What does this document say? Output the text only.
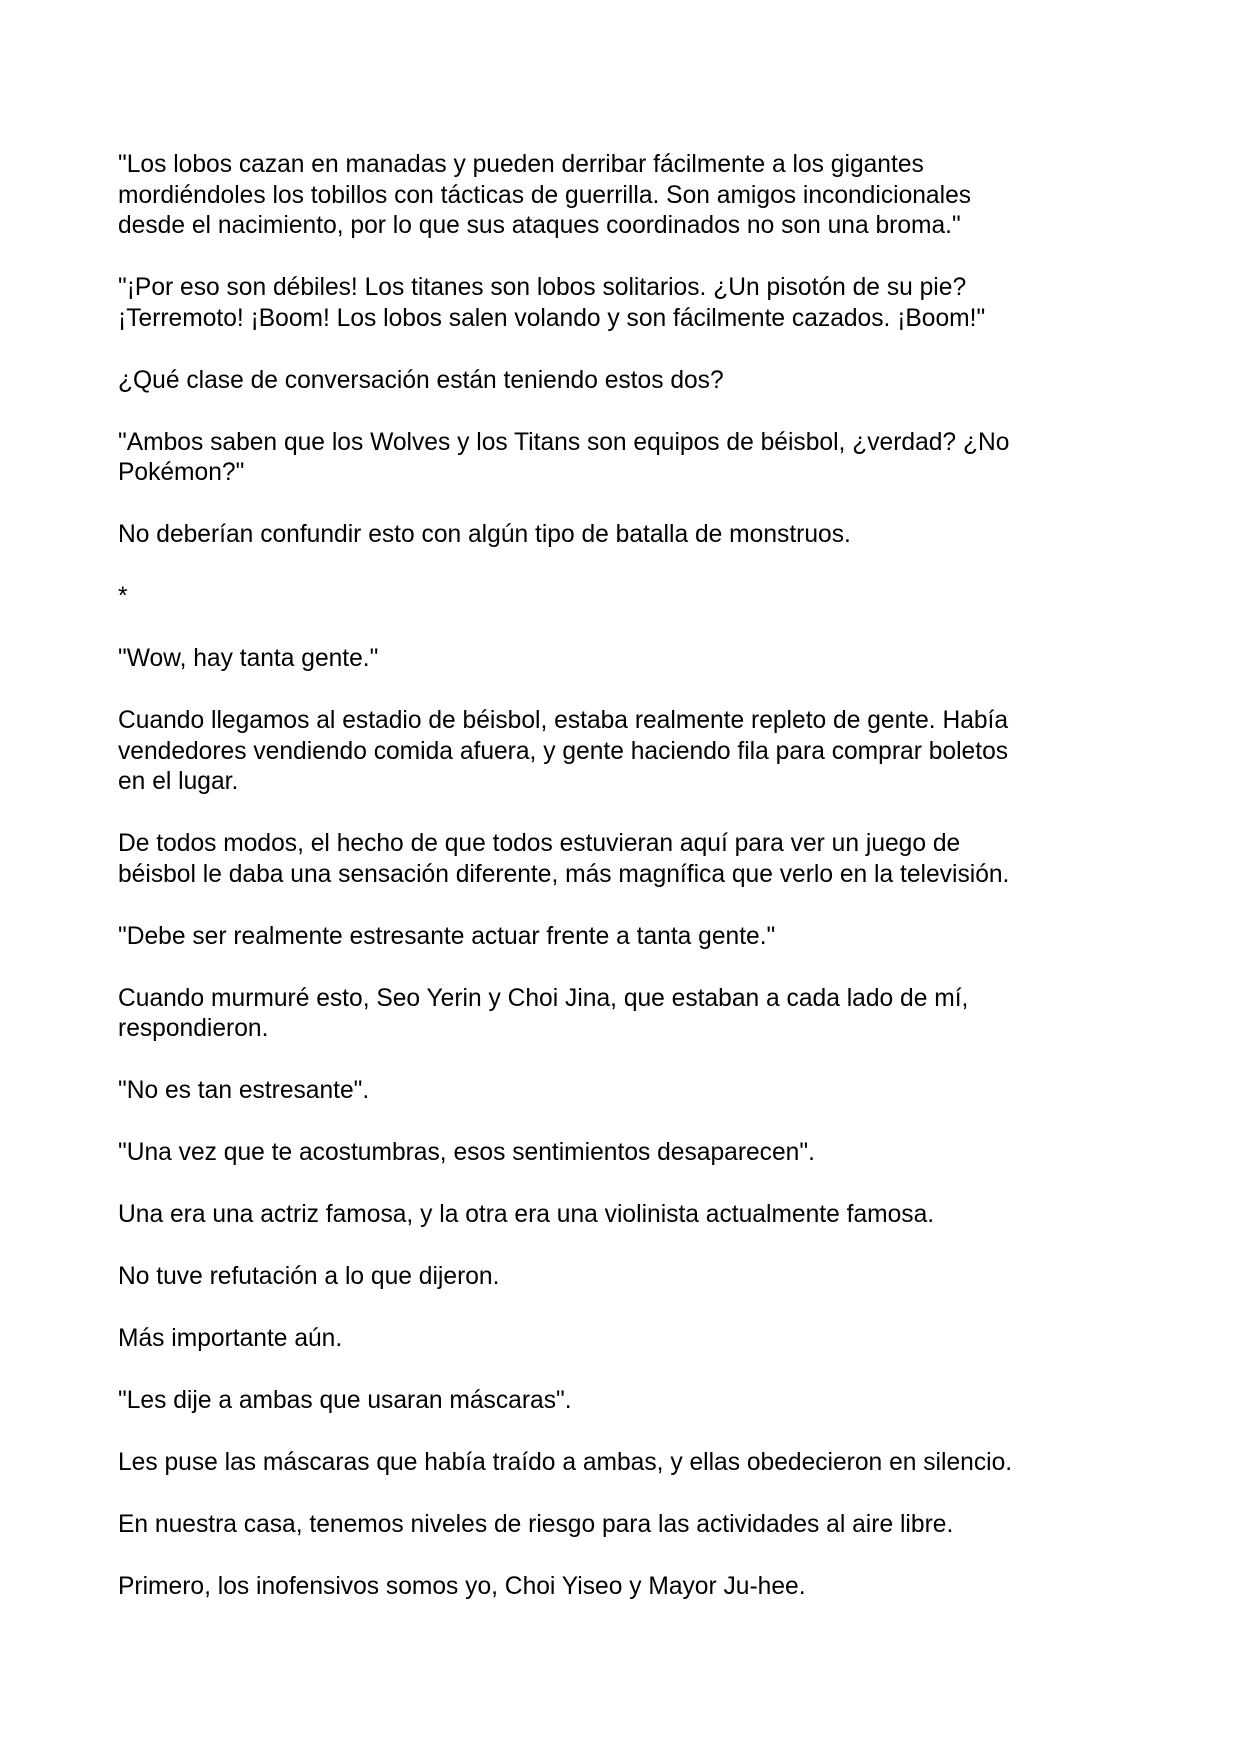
"Los lobos cazan en manadas y pueden derribar fácilmente a los gigantes
mordiéndoles los tobillos con tácticas de guerrilla. Son amigos incondicionales
desde el nacimiento, por lo que sus ataques coordinados no son una broma."

"¡Por eso son débiles! Los titanes son lobos solitarios. ¿Un pisotón de su pie?
¡Terremoto! ¡Boom! Los lobos salen volando y son fácilmente cazados. ¡Boom!"

¿Qué clase de conversación están teniendo estos dos?

"Ambos saben que los Wolves y los Titans son equipos de béisbol, ¿verdad? ¿No
Pokémon?"

No deberían confundir esto con algún tipo de batalla de monstruos.

*

"Wow, hay tanta gente."

Cuando llegamos al estadio de béisbol, estaba realmente repleto de gente. Había
vendedores vendiendo comida afuera, y gente haciendo fila para comprar boletos
en el lugar.

De todos modos, el hecho de que todos estuvieran aquí para ver un juego de
béisbol le daba una sensación diferente, más magnífica que verlo en la televisión.

"Debe ser realmente estresante actuar frente a tanta gente."

Cuando murmuré esto, Seo Yerin y Choi Jina, que estaban a cada lado de mí,
respondieron.

"No es tan estresante".

"Una vez que te acostumbras, esos sentimientos desaparecen".

Una era una actriz famosa, y la otra era una violinista actualmente famosa.

No tuve refutación a lo que dijeron.

Más importante aún.

"Les dije a ambas que usaran máscaras".

Les puse las máscaras que había traído a ambas, y ellas obedecieron en silencio.

En nuestra casa, tenemos niveles de riesgo para las actividades al aire libre.

Primero, los inofensivos somos yo, Choi Yiseo y Mayor Ju-hee.
